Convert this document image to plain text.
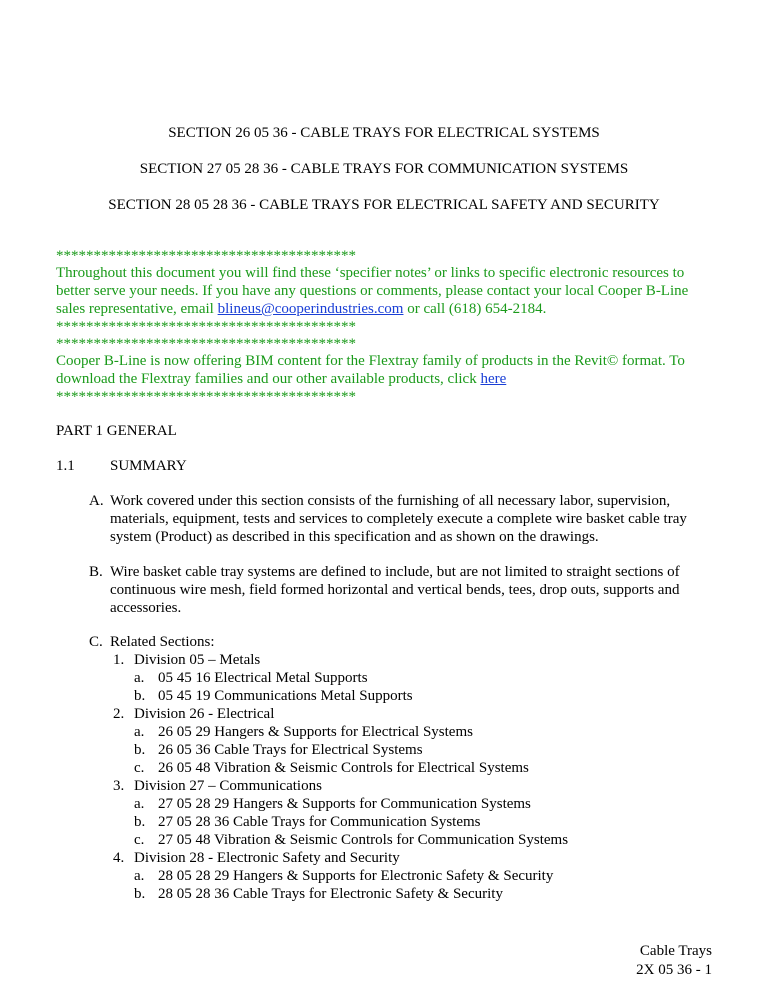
SECTION 26 05 36 - CABLE TRAYS FOR ELECTRICAL SYSTEMS
SECTION 27 05 28 36 - CABLE TRAYS FOR COMMUNICATION SYSTEMS
SECTION 28 05 28 36 - CABLE TRAYS FOR ELECTRICAL SAFETY AND SECURITY
****************************************
Throughout this document you will find these ‘specifier notes’ or links to specific electronic resources to better serve your needs. If you have any questions or comments, please contact your local Cooper B-Line sales representative, email blineus@cooperindustries.com or call (618) 654-2184.
****************************************
****************************************
Cooper B-Line is now offering BIM content for the Flextray family of products in the Revit© format. To download the Flextray families and our other available products, click here
****************************************
PART 1 GENERAL
1.1 SUMMARY
A. Work covered under this section consists of the furnishing of all necessary labor, supervision, materials, equipment, tests and services to completely execute a complete wire basket cable tray system (Product) as described in this specification and as shown on the drawings.
B. Wire basket cable tray systems are defined to include, but are not limited to straight sections of continuous wire mesh, field formed horizontal and vertical bends, tees, drop outs, supports and accessories.
C. Related Sections:
1. Division 05 – Metals
a. 05 45 16 Electrical Metal Supports
b. 05 45 19 Communications Metal Supports
2. Division 26 - Electrical
a. 26 05 29 Hangers & Supports for Electrical Systems
b. 26 05 36 Cable Trays for Electrical Systems
c. 26 05 48 Vibration & Seismic Controls for Electrical Systems
3. Division 27 – Communications
a. 27 05 28 29 Hangers & Supports for Communication Systems
b. 27 05 28 36 Cable Trays for Communication Systems
c. 27 05 48 Vibration & Seismic Controls for Communication Systems
4. Division 28 - Electronic Safety and Security
a. 28 05 28 29 Hangers & Supports for Electronic Safety & Security
b. 28 05 28 36 Cable Trays for Electronic Safety & Security
Cable Trays
2X 05 36 - 1
